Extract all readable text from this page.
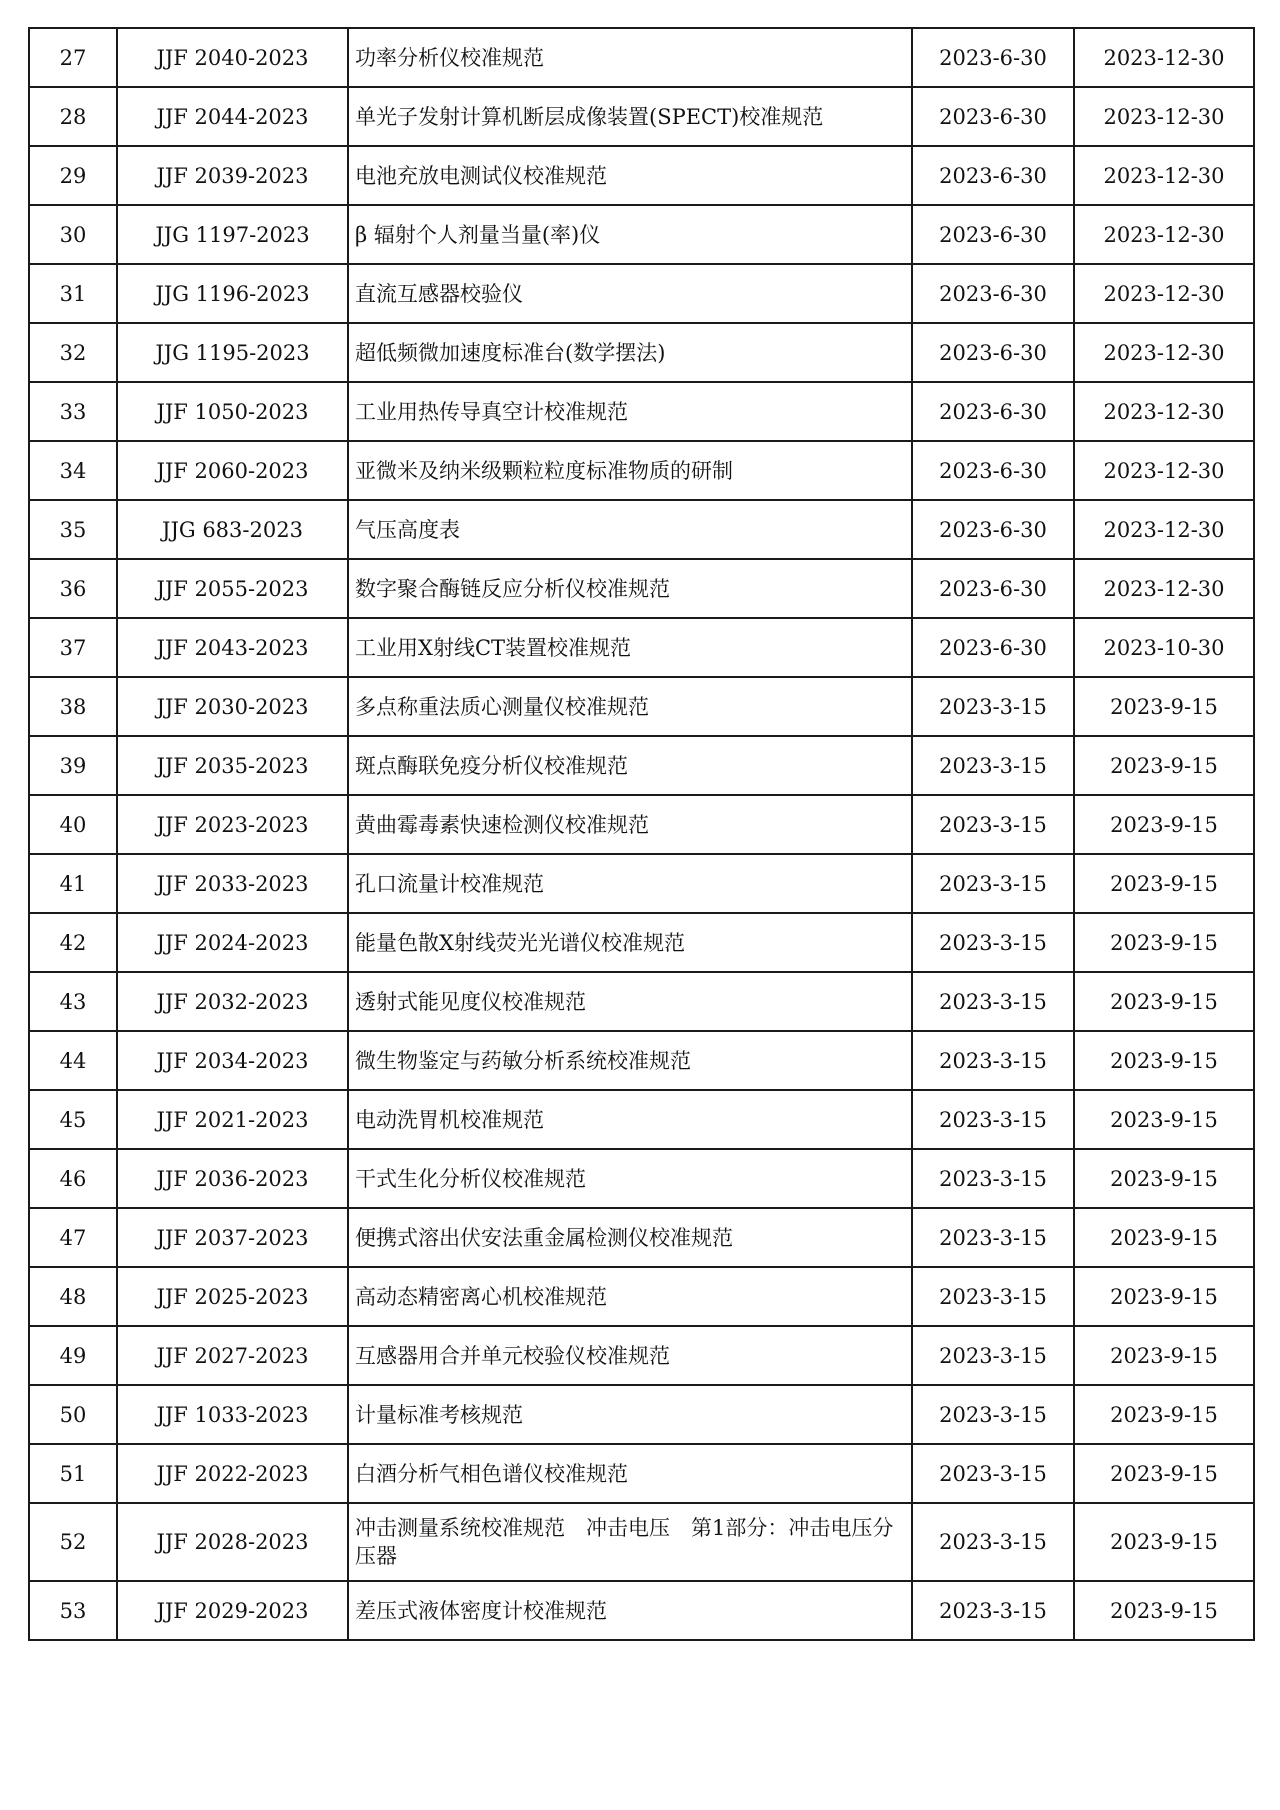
27	JJF 2040-2023	功率分析仪校准规范	2023-6-30	2023-12-30
28	JJF 2044-2023	单光子发射计算机断层成像装置(SPECT)校准规范	2023-6-30	2023-12-30
29	JJF 2039-2023	电池充放电测试仪校准规范	2023-6-30	2023-12-30
30	JJG 1197-2023	β 辐射个人剂量当量(率)仪	2023-6-30	2023-12-30
31	JJG 1196-2023	直流互感器校验仪	2023-6-30	2023-12-30
32	JJG 1195-2023	超低频微加速度标准台(数学摆法)	2023-6-30	2023-12-30
33	JJF 1050-2023	工业用热传导真空计校准规范	2023-6-30	2023-12-30
34	JJF 2060-2023	亚微米及纳米级颗粒粒度标准物质的研制	2023-6-30	2023-12-30
35	JJG 683-2023	气压高度表	2023-6-30	2023-12-30
36	JJF 2055-2023	数字聚合酶链反应分析仪校准规范	2023-6-30	2023-12-30
37	JJF 2043-2023	工业用X射线CT装置校准规范	2023-6-30	2023-10-30
38	JJF 2030-2023	多点称重法质心测量仪校准规范	2023-3-15	2023-9-15
39	JJF 2035-2023	斑点酶联免疫分析仪校准规范	2023-3-15	2023-9-15
40	JJF 2023-2023	黄曲霉毒素快速检测仪校准规范	2023-3-15	2023-9-15
41	JJF 2033-2023	孔口流量计校准规范	2023-3-15	2023-9-15
42	JJF 2024-2023	能量色散X射线荧光光谱仪校准规范	2023-3-15	2023-9-15
43	JJF 2032-2023	透射式能见度仪校准规范	2023-3-15	2023-9-15
44	JJF 2034-2023	微生物鉴定与药敏分析系统校准规范	2023-3-15	2023-9-15
45	JJF 2021-2023	电动洗胃机校准规范	2023-3-15	2023-9-15
46	JJF 2036-2023	干式生化分析仪校准规范	2023-3-15	2023-9-15
47	JJF 2037-2023	便携式溶出伏安法重金属检测仪校准规范	2023-3-15	2023-9-15
48	JJF 2025-2023	高动态精密离心机校准规范	2023-3-15	2023-9-15
49	JJF 2027-2023	互感器用合并单元校验仪校准规范	2023-3-15	2023-9-15
50	JJF 1033-2023	计量标准考核规范	2023-3-15	2023-9-15
51	JJF 2022-2023	白酒分析气相色谱仪校准规范	2023-3-15	2023-9-15
52	JJF 2028-2023	冲击测量系统校准规范　冲击电压　第1部分：冲击电压分压器	2023-3-15	2023-9-15
53	JJF 2029-2023	差压式液体密度计校准规范	2023-3-15	2023-9-15
